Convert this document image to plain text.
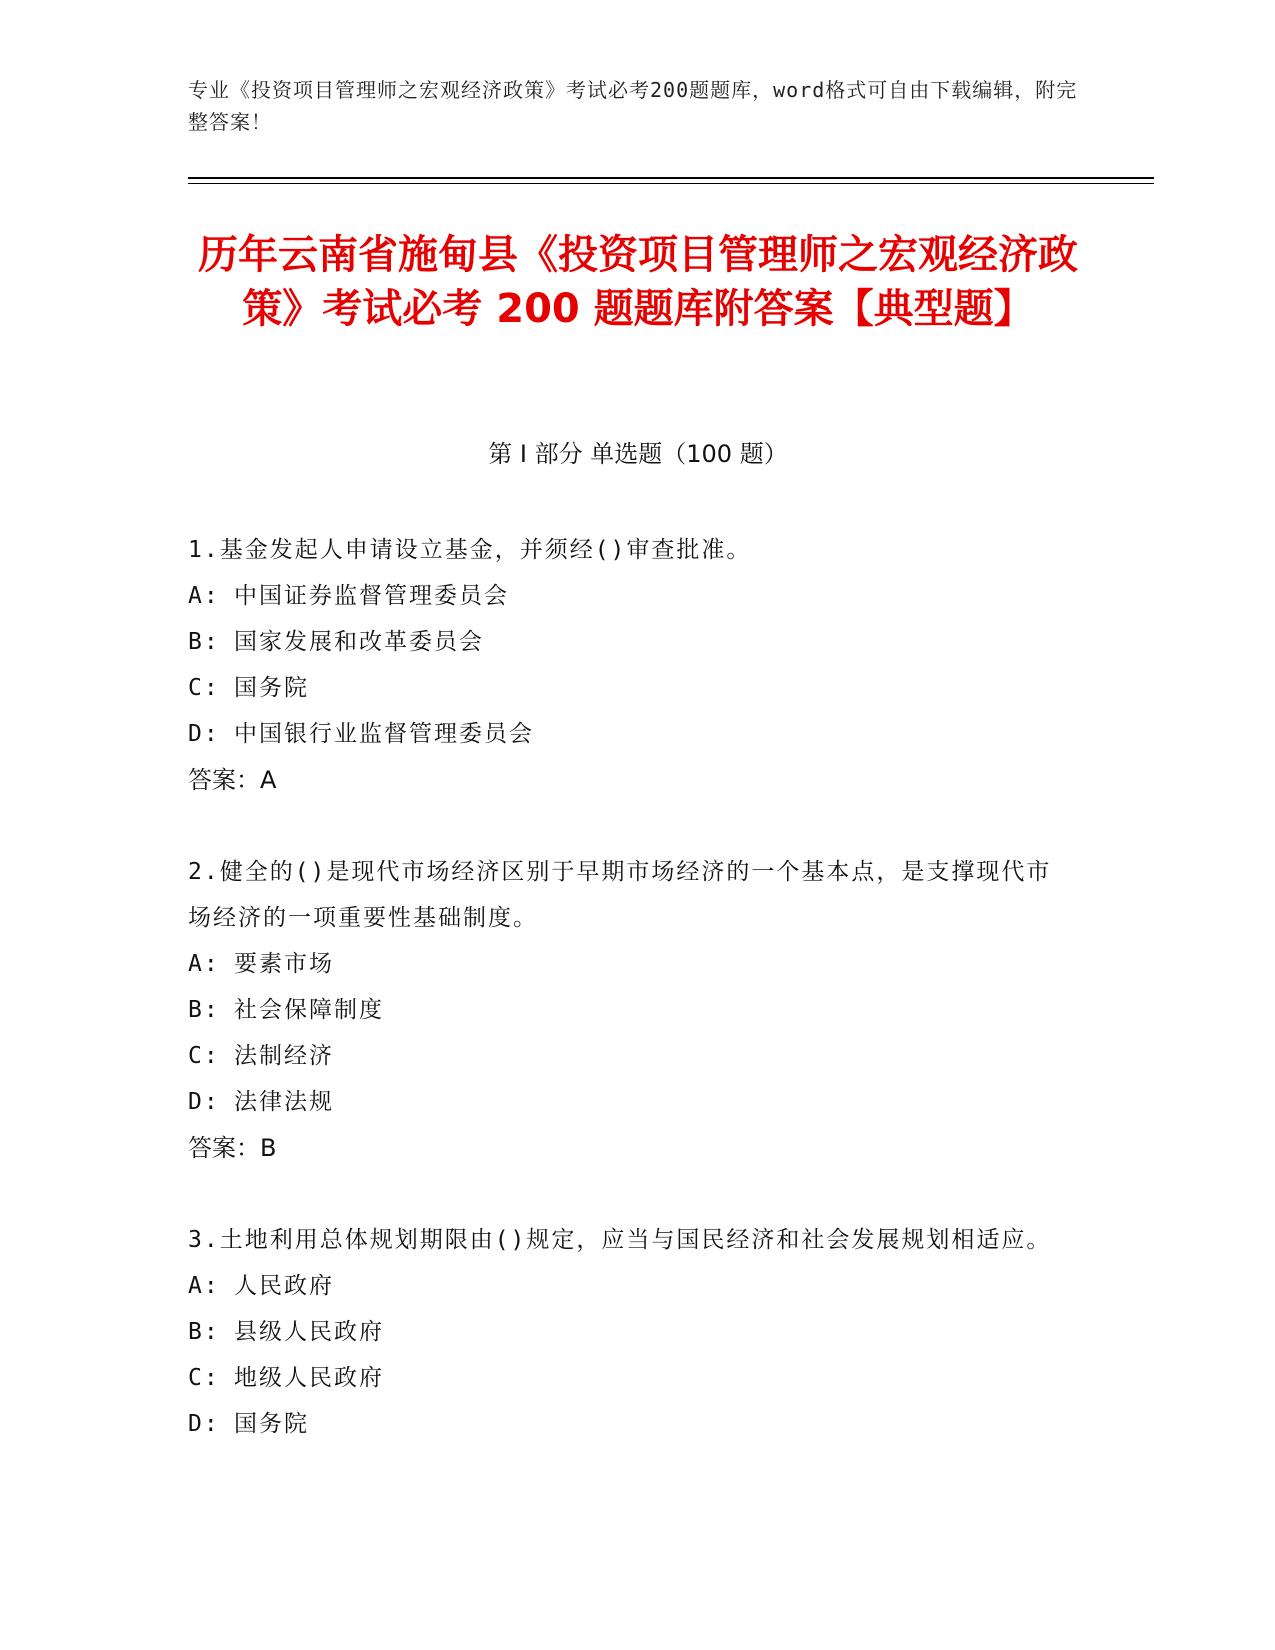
专业《投资项目管理师之宏观经济政策》考试必考200题题库，word格式可自由下载编辑，附完整答案！
历年云南省施甸县《投资项目管理师之宏观经济政策》考试必考 200 题题库附答案【典型题】
第 I 部分 单选题（100 题）
1.基金发起人申请设立基金，并须经()审查批准。
A: 中国证券监督管理委员会
B: 国家发展和改革委员会
C: 国务院
D: 中国银行业监督管理委员会
答案：A
2.健全的()是现代市场经济区别于早期市场经济的一个基本点，是支撑现代市场经济的一项重要性基础制度。
A: 要素市场
B: 社会保障制度
C: 法制经济
D: 法律法规
答案：B
3.土地利用总体规划期限由()规定，应当与国民经济和社会发展规划相适应。
A: 人民政府
B: 县级人民政府
C: 地级人民政府
D: 国务院
